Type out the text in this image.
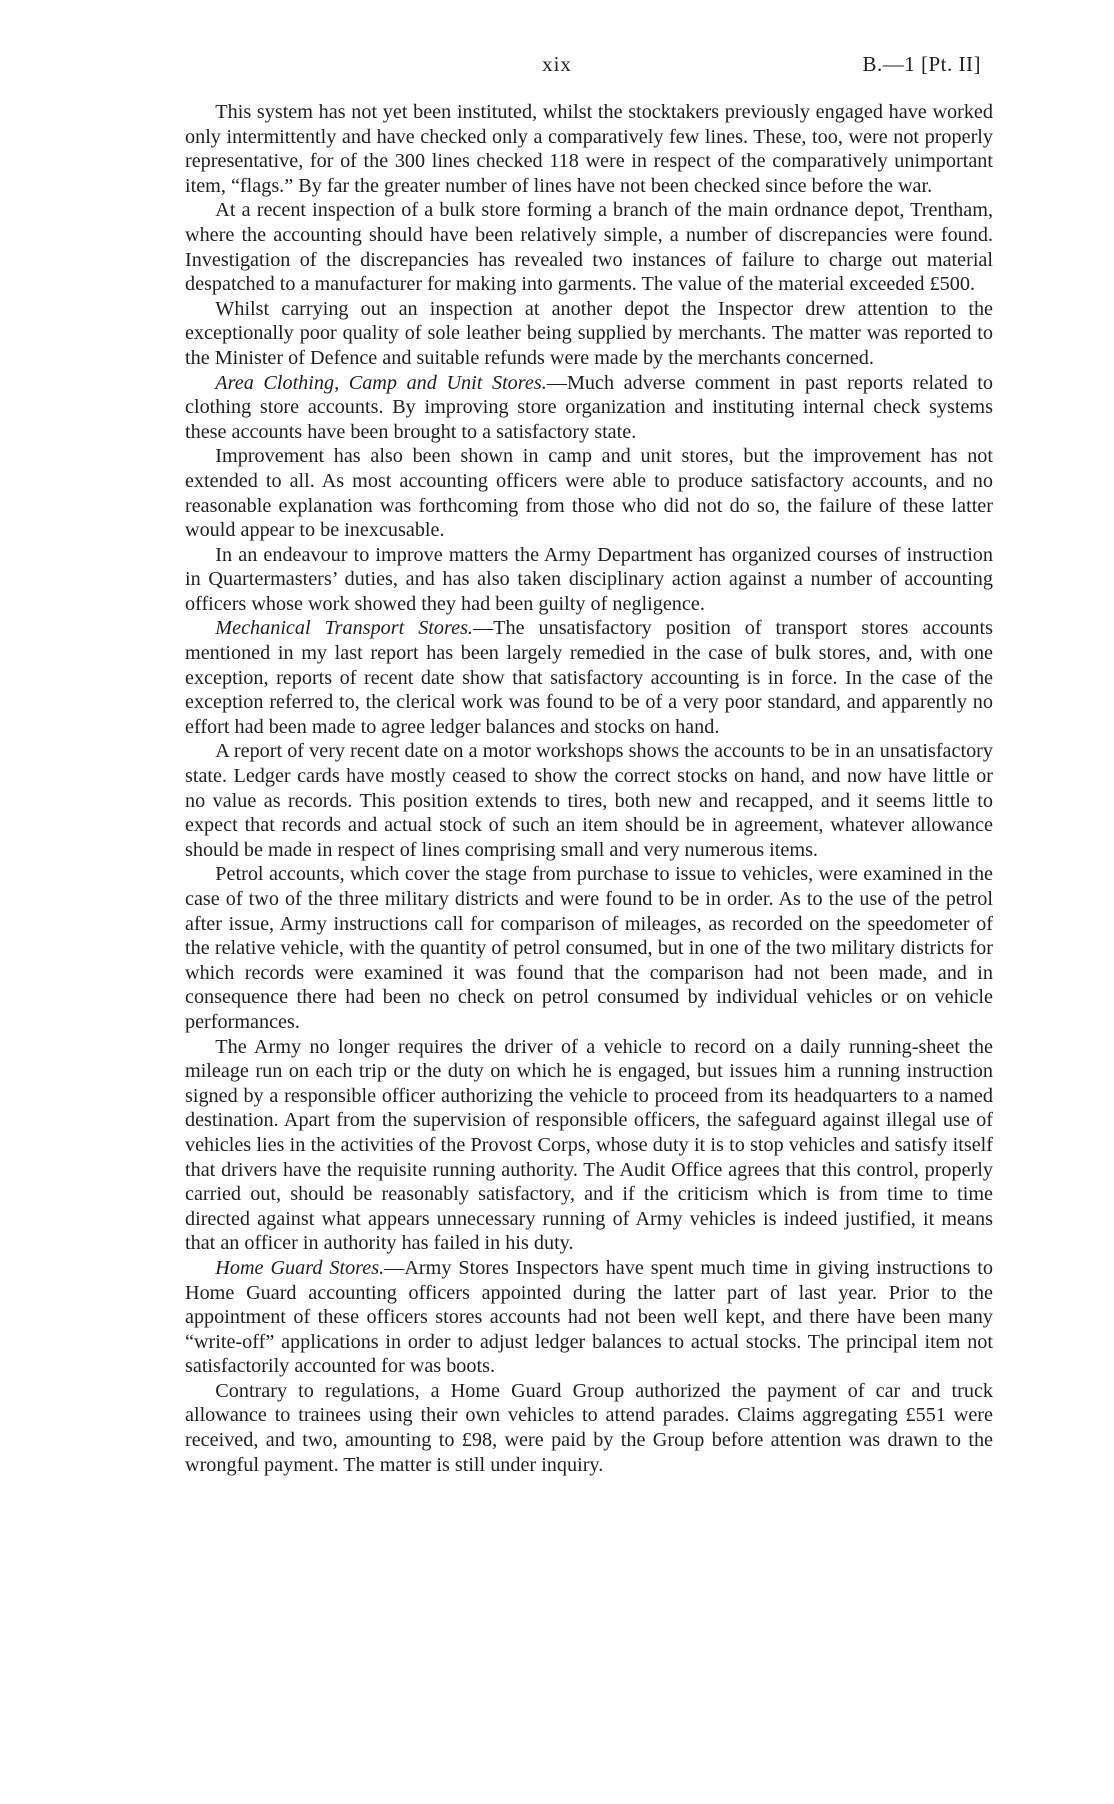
xix	B.—1 [Pt. II]

This system has not yet been instituted, whilst the stocktakers previously engaged have worked only intermittently and have checked only a comparatively few lines. These, too, were not properly representative, for of the 300 lines checked 118 were in respect of the comparatively unimportant item, “flags.” By far the greater number of lines have not been checked since before the war.

At a recent inspection of a bulk store forming a branch of the main ordnance depot, Trentham, where the accounting should have been relatively simple, a number of discrepancies were found. Investigation of the discrepancies has revealed two instances of failure to charge out material despatched to a manufacturer for making into garments. The value of the material exceeded £500.

Whilst carrying out an inspection at another depot the Inspector drew attention to the exceptionally poor quality of sole leather being supplied by merchants. The matter was reported to the Minister of Defence and suitable refunds were made by the merchants concerned.

Area Clothing, Camp and Unit Stores.—Much adverse comment in past reports related to clothing store accounts. By improving store organization and instituting internal check systems these accounts have been brought to a satisfactory state.

Improvement has also been shown in camp and unit stores, but the improvement has not extended to all. As most accounting officers were able to produce satisfactory accounts, and no reasonable explanation was forthcoming from those who did not do so, the failure of these latter would appear to be inexcusable.

In an endeavour to improve matters the Army Department has organized courses of instruction in Quartermasters’ duties, and has also taken disciplinary action against a number of accounting officers whose work showed they had been guilty of negligence.

Mechanical Transport Stores.—The unsatisfactory position of transport stores accounts mentioned in my last report has been largely remedied in the case of bulk stores, and, with one exception, reports of recent date show that satisfactory accounting is in force. In the case of the exception referred to, the clerical work was found to be of a very poor standard, and apparently no effort had been made to agree ledger balances and stocks on hand.

A report of very recent date on a motor workshops shows the accounts to be in an unsatisfactory state. Ledger cards have mostly ceased to show the correct stocks on hand, and now have little or no value as records. This position extends to tires, both new and recapped, and it seems little to expect that records and actual stock of such an item should be in agreement, whatever allowance should be made in respect of lines comprising small and very numerous items.

Petrol accounts, which cover the stage from purchase to issue to vehicles, were examined in the case of two of the three military districts and were found to be in order. As to the use of the petrol after issue, Army instructions call for comparison of mileages, as recorded on the speedometer of the relative vehicle, with the quantity of petrol consumed, but in one of the two military districts for which records were examined it was found that the comparison had not been made, and in consequence there had been no check on petrol consumed by individual vehicles or on vehicle performances.

The Army no longer requires the driver of a vehicle to record on a daily running-sheet the mileage run on each trip or the duty on which he is engaged, but issues him a running instruction signed by a responsible officer authorizing the vehicle to proceed from its headquarters to a named destination. Apart from the supervision of responsible officers, the safeguard against illegal use of vehicles lies in the activities of the Provost Corps, whose duty it is to stop vehicles and satisfy itself that drivers have the requisite running authority. The Audit Office agrees that this control, properly carried out, should be reasonably satisfactory, and if the criticism which is from time to time directed against what appears unnecessary running of Army vehicles is indeed justified, it means that an officer in authority has failed in his duty.

Home Guard Stores.—Army Stores Inspectors have spent much time in giving instructions to Home Guard accounting officers appointed during the latter part of last year. Prior to the appointment of these officers stores accounts had not been well kept, and there have been many “write-off” applications in order to adjust ledger balances to actual stocks. The principal item not satisfactorily accounted for was boots.

Contrary to regulations, a Home Guard Group authorized the payment of car and truck allowance to trainees using their own vehicles to attend parades. Claims aggregating £551 were received, and two, amounting to £98, were paid by the Group before attention was drawn to the wrongful payment. The matter is still under inquiry.
